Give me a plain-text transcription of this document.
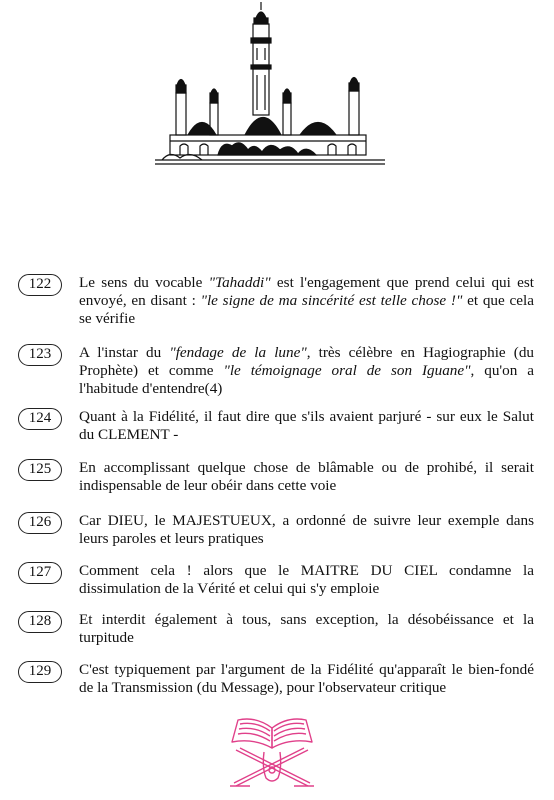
122	Le sens du vocable "Tahaddi" est l'engagement que prend celui qui est envoyé, en disant : "le signe de ma sincérité est telle chose !" et que cela se vérifie
123	A l'instar du "fendage de la lune", très célèbre en Hagiographie (du Prophète) et comme "le témoignage oral de son Iguane", qu'on a l'habitude d'entendre(4)
124	Quant à la Fidélité, il faut dire que s'ils avaient parjuré - sur eux le Salut du CLEMENT -
125	En accomplissant quelque chose de blâmable ou de prohibé, il serait indispensable de leur obéir dans cette voie
126	Car DIEU, le MAJESTUEUX, a ordonné de suivre leur exemple dans leurs paroles et leurs pratiques
127	Comment cela ! alors que le MAITRE DU CIEL condamne la dissimulation de la Vérité et celui qui s'y emploie
128	Et interdit également à tous, sans exception, la désobéissance et la turpitude
129	C'est typiquement par l'argument de la Fidélité qu'apparaît le bien-fondé de la Transmission (du Message), pour l'observateur critique
